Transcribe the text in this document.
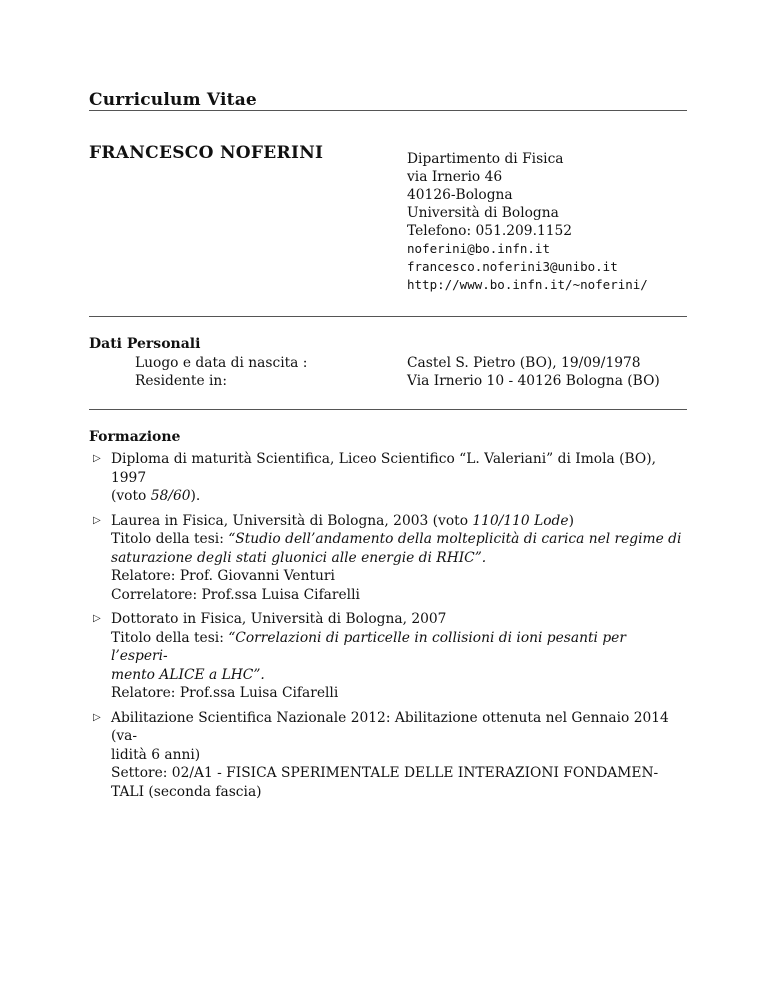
Curriculum Vitae
FRANCESCO NOFERINI	Dipartimento di Fisica
via Irnerio 46
40126-Bologna
Università di Bologna
Telefono: 051.209.1152
noferini@bo.infn.it
francesco.noferini3@unibo.it
http://www.bo.infn.it/~noferini/
Dati Personali
Luogo e data di nascita :	Castel S. Pietro (BO), 19/09/1978
Residente in:	Via Irnerio 10 - 40126 Bologna (BO)
Formazione
▷ Diploma di maturità Scientifica, Liceo Scientifico “L. Valeriani” di Imola (BO), 1997
(voto 58/60).
▷ Laurea in Fisica, Università di Bologna, 2003 (voto 110/110 Lode)
Titolo della tesi: “Studio dell’andamento della molteplicità di carica nel regime di
saturazione degli stati gluonici alle energie di RHIC”.
Relatore: Prof. Giovanni Venturi
Correlatore: Prof.ssa Luisa Cifarelli
▷ Dottorato in Fisica, Università di Bologna, 2007
Titolo della tesi: “Correlazioni di particelle in collisioni di ioni pesanti per l’esperi-
mento ALICE a LHC”.
Relatore: Prof.ssa Luisa Cifarelli
▷ Abilitazione Scientifica Nazionale 2012: Abilitazione ottenuta nel Gennaio 2014 (va-
lidità 6 anni)
Settore: 02/A1 - FISICA SPERIMENTALE DELLE INTERAZIONI FONDAMEN-
TALI (seconda fascia)
